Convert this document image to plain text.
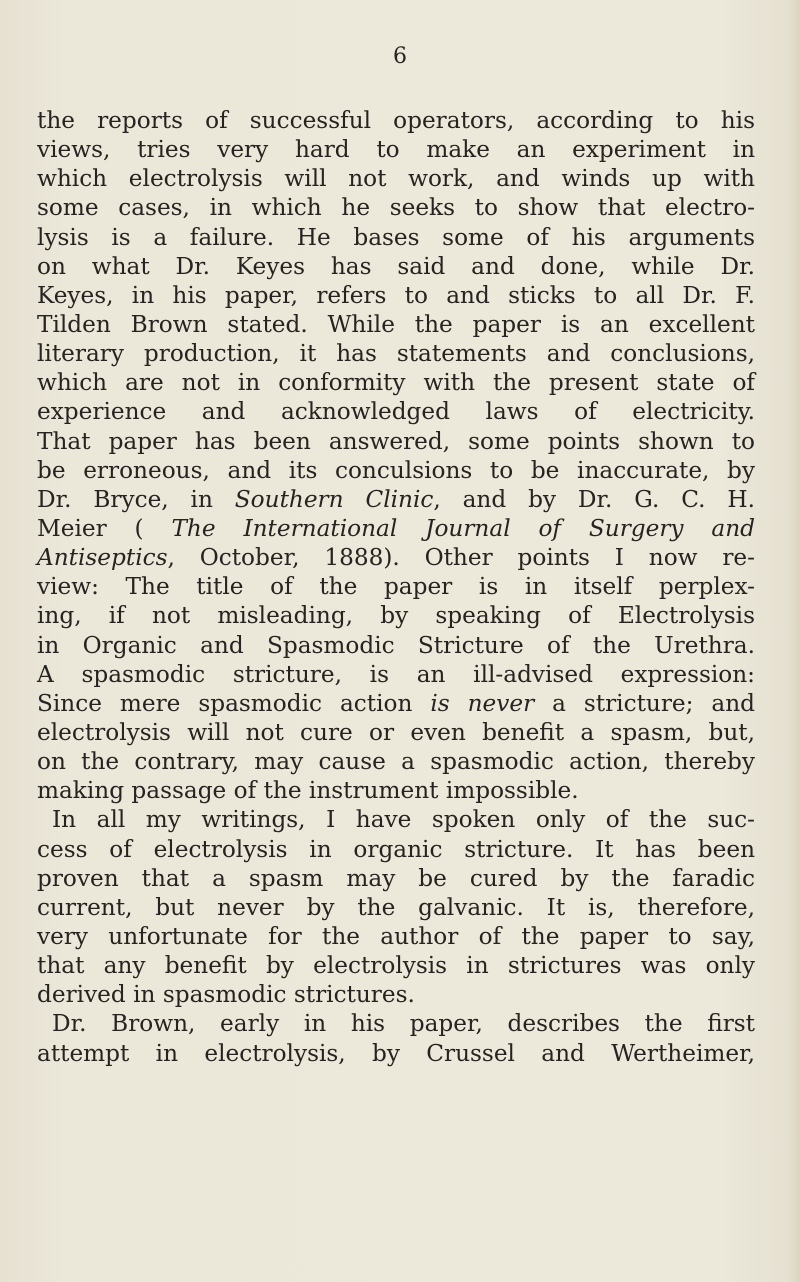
6
the reports of successful operators, according to his
views, tries very hard to make an experiment in
which electrolysis will not work, and winds up with
some cases, in which he seeks to show that electro-
lysis is a failure. He bases some of his arguments
on what Dr. Keyes has said and done, while Dr.
Keyes, in his paper, refers to and sticks to all Dr. F.
Tilden Brown stated. While the paper is an excellent
literary production, it has statements and conclusions,
which are not in conformity with the present state of
experience and acknowledged laws of electricity.
That paper has been answered, some points shown to
be erroneous, and its conculsions to be inaccurate, by
Dr. Bryce, in Southern Clinic, and by Dr. G. C. H.
Meier ( The International Journal of Surgery and
Antiseptics, October, 1888). Other points I now re-
view: The title of the paper is in itself perplex-
ing, if not misleading, by speaking of Electrolysis
in Organic and Spasmodic Stricture of the Urethra.
A spasmodic stricture, is an ill-advised expression:
Since mere spasmodic action is never a stricture; and
electrolysis will not cure or even benefit a spasm, but,
on the contrary, may cause a spasmodic action, thereby
making passage of the instrument impossible.
In all my writings, I have spoken only of the suc-
cess of electrolysis in organic stricture. It has been
proven that a spasm may be cured by the faradic
current, but never by the galvanic. It is, therefore,
very unfortunate for the author of the paper to say,
that any benefit by electrolysis in strictures was only
derived in spasmodic strictures.
Dr. Brown, early in his paper, describes the first
attempt in electrolysis, by Crussel and Wertheimer,
